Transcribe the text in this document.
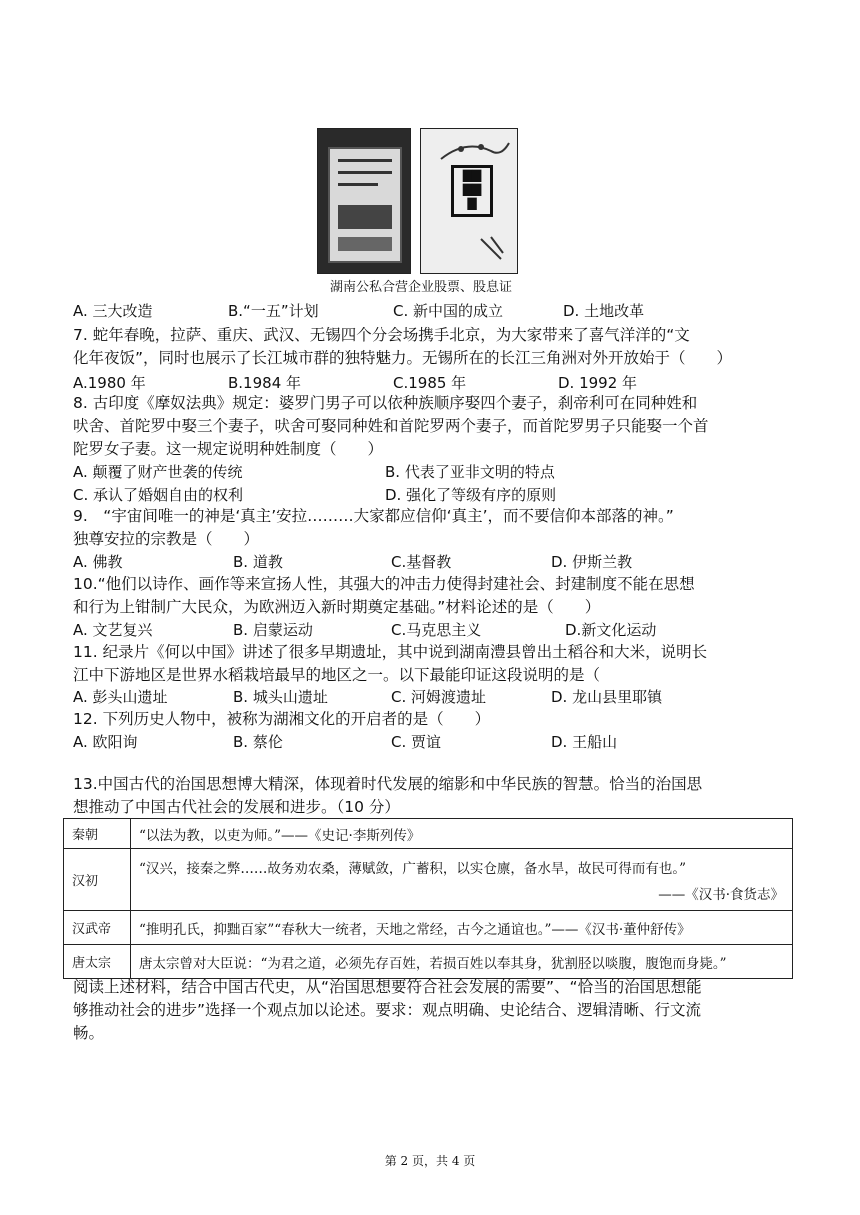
▇▇
▇▇
▇
湖南公私合营企业股票、股息证
A. 三大改造	B.“一五”计划	C. 新中国的成立	D. 土地改革
7. 蛇年春晚，拉萨、重庆、武汉、无锡四个分会场携手北京，为大家带来了喜气洋洋的“文
化年夜饭”，同时也展示了长江城市群的独特魅力。无锡所在的长江三角洲对外开放始于（　　）
A.1980 年	B.1984 年	C.1985 年	D. 1992 年
8. 古印度《摩奴法典》规定：婆罗门男子可以依种族顺序娶四个妻子，刹帝利可在同种姓和
吠舍、首陀罗中娶三个妻子，吠舍可娶同种姓和首陀罗两个妻子，而首陀罗男子只能娶一个首
陀罗女子妻。这一规定说明种姓制度（　　）
A. 颠覆了财产世袭的传统	B. 代表了亚非文明的特点
C. 承认了婚姻自由的权利	D. 强化了等级有序的原则
9.　“宇宙间唯一的神是‘真主’安拉………大家都应信仰‘真主’，而不要信仰本部落的神。”
独尊安拉的宗教是（　　）
A. 佛教	B. 道教	C.基督教	D. 伊斯兰教
10.“他们以诗作、画作等来宣扬人性，其强大的冲击力使得封建社会、封建制度不能在思想
和行为上钳制广大民众，为欧洲迈入新时期奠定基础。”材料论述的是（　　）
A. 文艺复兴	B. 启蒙运动	C.马克思主义	D.新文化运动
11. 纪录片《何以中国》讲述了很多早期遗址，其中说到湖南澧县曾出土稻谷和大米，说明长
江中下游地区是世界水稻栽培最早的地区之一。以下最能印证这段说明的是（
A. 彭头山遗址	B. 城头山遗址	C. 河姆渡遗址	D. 龙山县里耶镇
12. 下列历史人物中，被称为湖湘文化的开启者的是（　　）
A. 欧阳询	B. 蔡伦	C. 贾谊	D. 王船山
13.中国古代的治国思想博大精深，体现着时代发展的缩影和中华民族的智慧。恰当的治国思
想推动了中国古代社会的发展和进步。（10 分）
秦朝	“以法为教，以吏为师。”——《史记·李斯列传》
汉初	“汉兴，接秦之弊……故务劝农桑，薄赋敛，广蓄积，以实仓廪，备水旱，故民可得而有也。”
——《汉书·食货志》

汉武帝	“推明孔氏，抑黜百家”“春秋大一统者，天地之常经，古今之通谊也。”——《汉书·董仲舒传》
唐太宗	唐太宗曾对大臣说：“为君之道，必须先存百姓，若损百姓以奉其身，犹割胫以啖腹，腹饱而身毙。”
阅读上述材料，结合中国古代史，从“治国思想要符合社会发展的需要”、“恰当的治国思想能
够推动社会的进步”选择一个观点加以论述。要求：观点明确、史论结合、逻辑清晰、行文流
畅。
第 2 页，共 4 页
